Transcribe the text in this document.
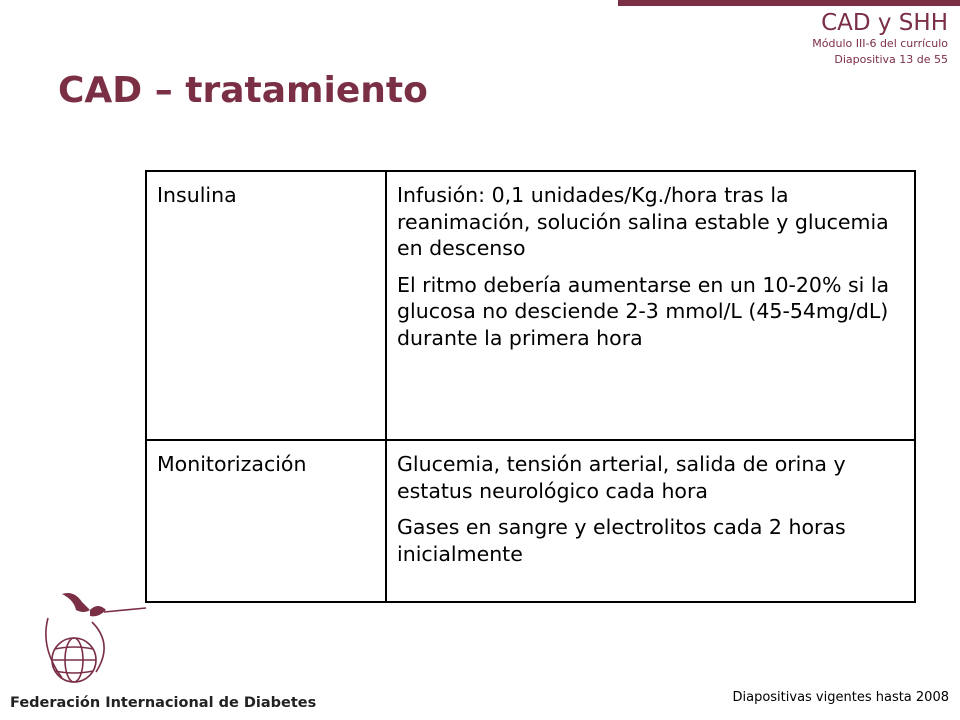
CAD y SHH
Módulo III-6 del currículo
Diapositiva 13 de 55
CAD – tratamiento
Insulina	Infusión: 0,1 unidades/Kg./hora tras la reanimación, solución salina estable y glucemia en descenso

El ritmo debería aumentarse en un 10-20% si la glucosa no desciende 2-3 mmol/L (45-54mg/dL) durante la primera hora

Monitorización	Glucemia, tensión arterial, salida de orina y estatus neurológico cada hora

Gases en sangre y electrolitos cada 2 horas inicialmente

Federación Internacional de Diabetes	Diapositivas vigentes hasta 2008
